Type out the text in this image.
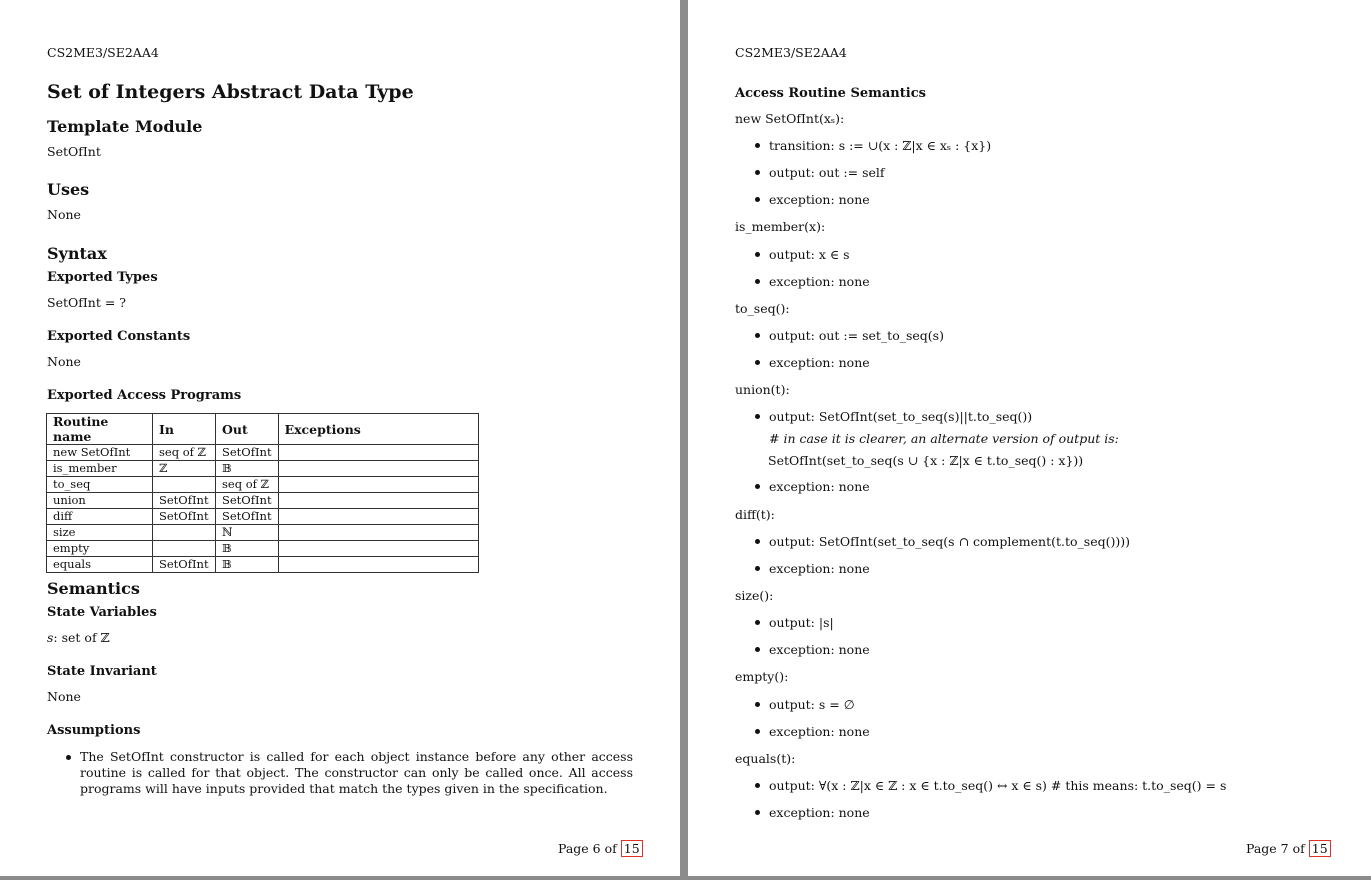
CS2ME3/SE2AA4
Set of Integers Abstract Data Type
Template Module
SetOfInt
Uses
None
Syntax
Exported Types
SetOfInt = ?
Exported Constants
None
Exported Access Programs
Routine name	In	Out	Exceptions
new SetOfInt	seq of ℤ	SetOfInt	
is_member	ℤ	𝔹	
to_seq		seq of ℤ	
union	SetOfInt	SetOfInt	
diff	SetOfInt	SetOfInt	
size		ℕ	
empty		𝔹	
equals	SetOfInt	𝔹	
Semantics
State Variables
s: set of ℤ
State Invariant
None
Assumptions
The SetOfInt constructor is called for each object instance before any other access routine is called for that object. The constructor can only be called once. All access programs will have inputs provided that match the types given in the specification.
Page 6 of 15
CS2ME3/SE2AA4
Access Routine Semantics
new SetOfInt(xₛ):
transition: s := ∪(x : ℤ|x ∈ xₛ : {x})
output: out := self
exception: none
is_member(x):
output: x ∈ s
exception: none
to_seq():
output: out := set_to_seq(s)
exception: none
union(t):
output: SetOfInt(set_to_seq(s)||t.to_seq())
# in case it is clearer, an alternate version of output is:
SetOfInt(set_to_seq(s ∪ {x : ℤ|x ∈ t.to_seq() : x}))
exception: none
diff(t):
output: SetOfInt(set_to_seq(s ∩ complement(t.to_seq())))
exception: none
size():
output: |s|
exception: none
empty():
output: s = ∅
exception: none
equals(t):
output: ∀(x : ℤ|x ∈ ℤ : x ∈ t.to_seq() ↔ x ∈ s) # this means: t.to_seq() = s
exception: none
Page 7 of 15
